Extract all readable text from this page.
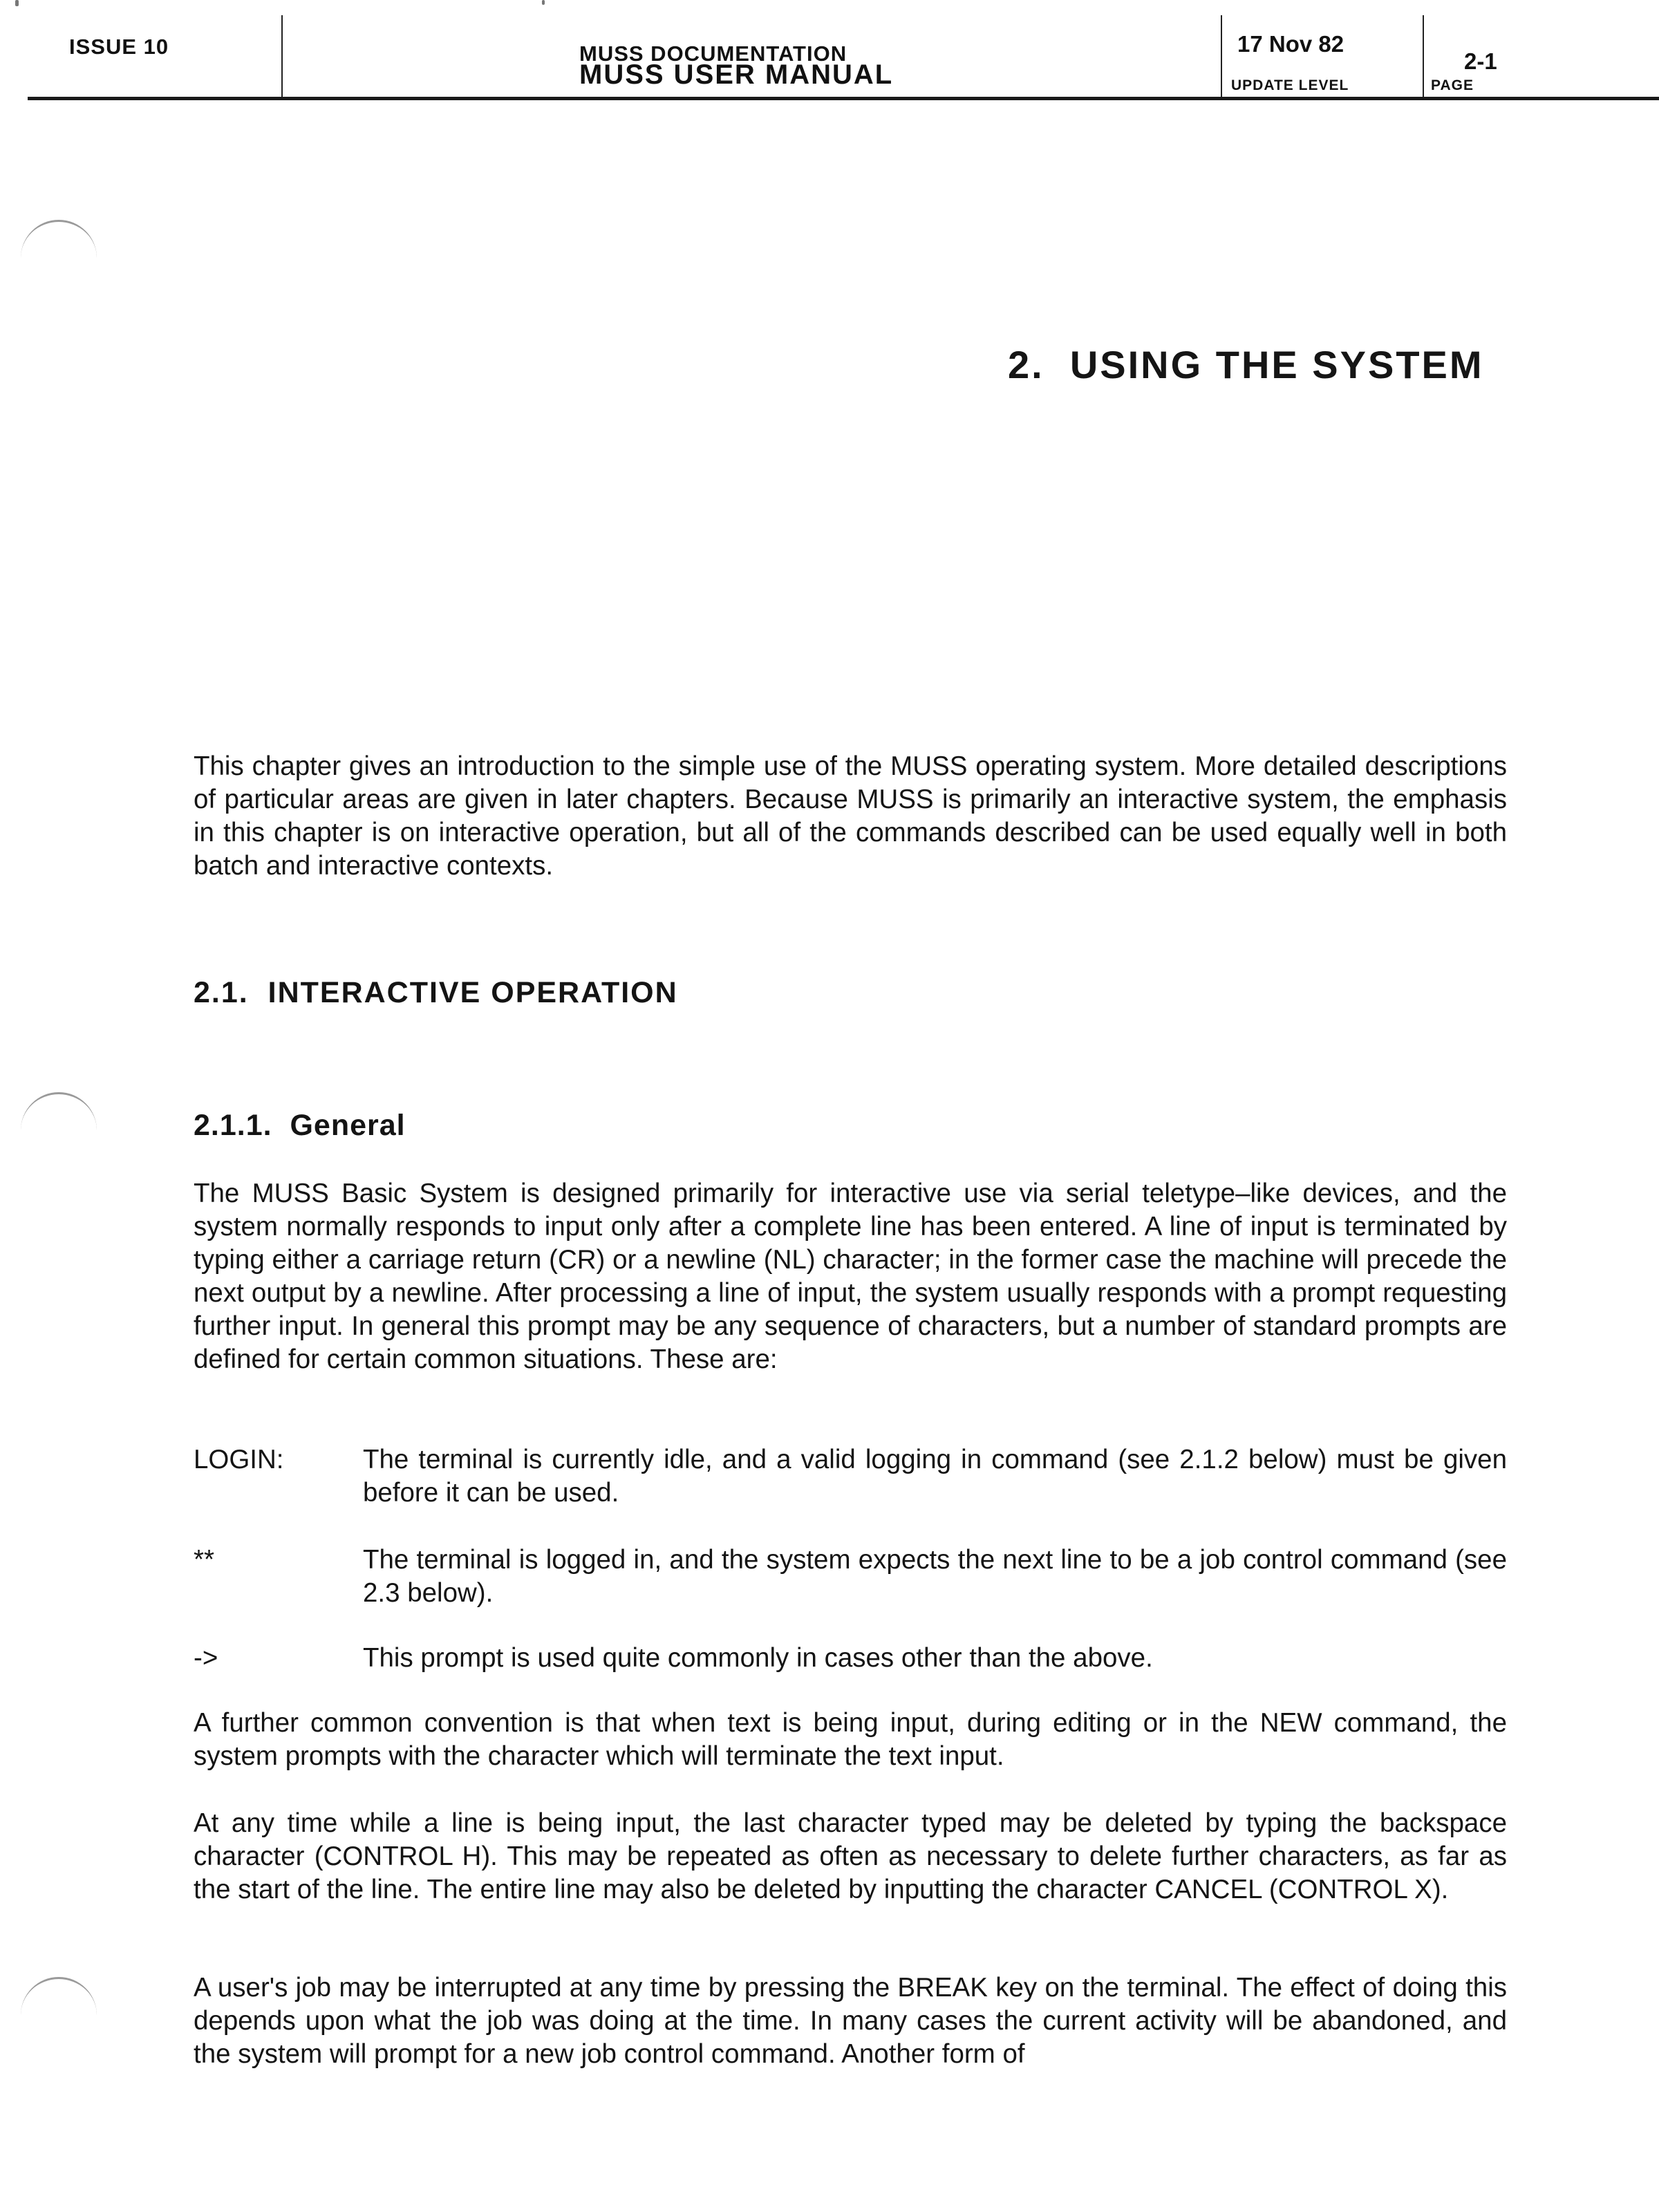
ISSUE 10	MUSS DOCUMENTATION
MUSS USER MANUAL
17 Nov 82
UPDATE LEVEL
2-1
PAGE
2.  USING THE SYSTEM
This chapter gives an introduction to the simple use of the MUSS operating system. More detailed descriptions of particular areas are given in later chapters. Because MUSS is primarily an interactive system, the emphasis in this chapter is on interactive operation, but all of the commands described can be used equally well in both batch and interactive contexts.
2.1.  INTERACTIVE OPERATION
2.1.1.  General
The MUSS Basic System is designed primarily for interactive use via serial teletype–like devices, and the system normally responds to input only after a complete line has been entered. A line of input is terminated by typing either a carriage return (CR) or a newline (NL) character; in the former case the machine will precede the next output by a newline. After processing a line of input, the system usually responds with a prompt requesting further input. In general this prompt may be any sequence of characters, but a number of standard prompts are defined for certain common situations. These are:
LOGIN:	The terminal is currently idle, and a valid logging in command (see 2.1.2 below) must be given before it can be used.
**	The terminal is logged in, and the system expects the next line to be a job control command (see 2.3 below).
->	This prompt is used quite commonly in cases other than the above.
A further common convention is that when text is being input, during editing or in the NEW command, the system prompts with the character which will terminate the text input.
At any time while a line is being input, the last character typed may be deleted by typing the backspace character (CONTROL H). This may be repeated as often as necessary to delete further characters, as far as the start of the line. The entire line may also be deleted by inputting the character CANCEL (CONTROL X).
A user's job may be interrupted at any time by pressing the BREAK key on the terminal. The effect of doing this depends upon what the job was doing at the time. In many cases the current activity will be abandoned, and the system will prompt for a new job control command. Another form of
